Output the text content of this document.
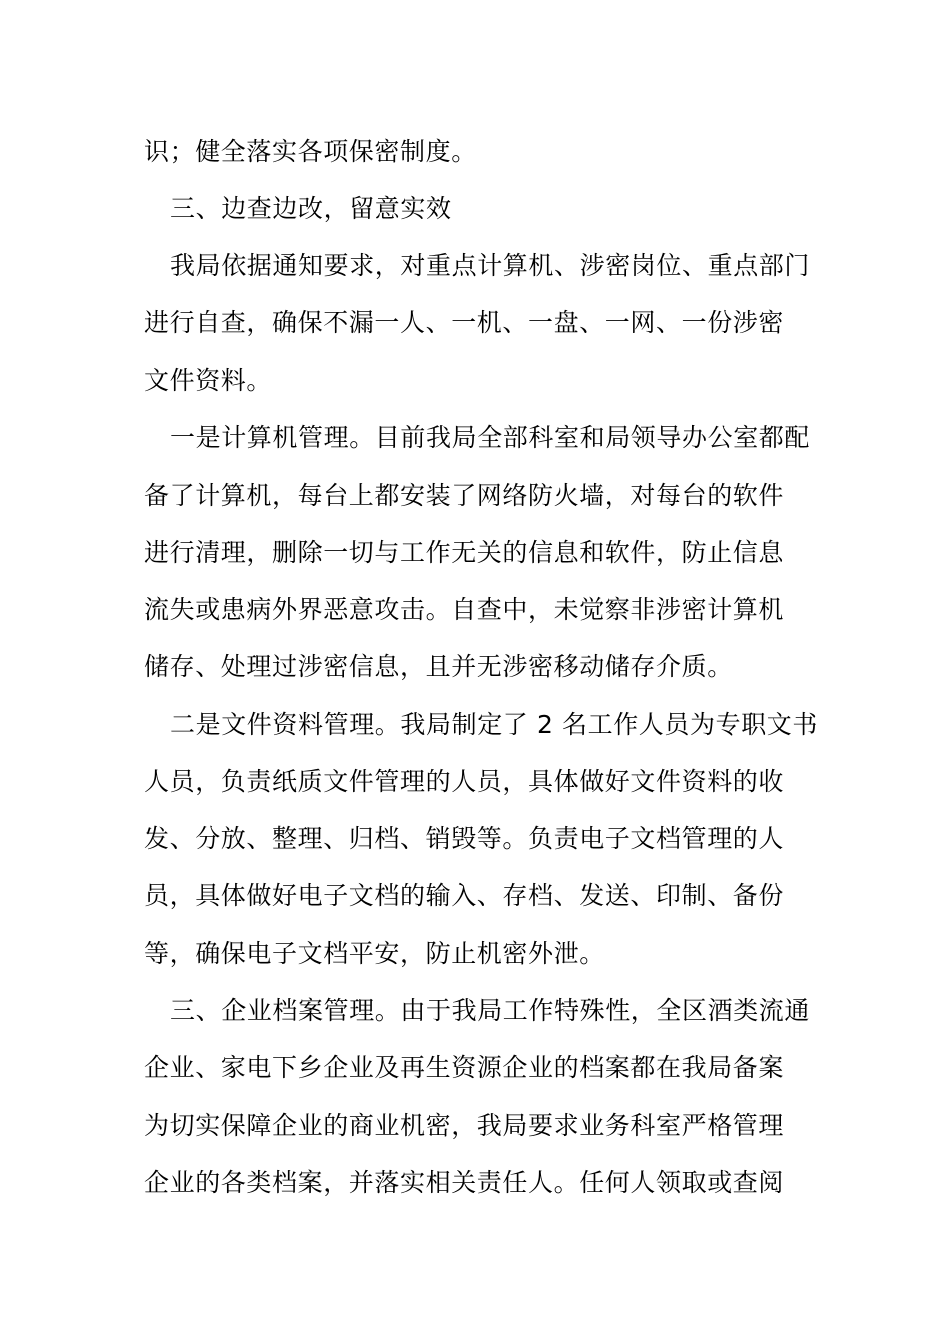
识；健全落实各项保密制度。
三、边查边改，留意实效
我局依据通知要求，对重点计算机、涉密岗位、重点部门
进行自查，确保不漏一人、一机、一盘、一网、一份涉密
文件资料。
一是计算机管理。目前我局全部科室和局领导办公室都配
备了计算机，每台上都安装了网络防火墙，对每台的软件
进行清理，删除一切与工作无关的信息和软件，防止信息
流失或患病外界恶意攻击。自查中，未觉察非涉密计算机
储存、处理过涉密信息，且并无涉密移动储存介质。
二是文件资料管理。我局制定了 2 名工作人员为专职文书
人员，负责纸质文件管理的人员，具体做好文件资料的收
发、分放、整理、归档、销毁等。负责电子文档管理的人
员，具体做好电子文档的输入、存档、发送、印制、备份
等，确保电子文档平安，防止机密外泄。
三、企业档案管理。由于我局工作特殊性，全区酒类流通
企业、家电下乡企业及再生资源企业的档案都在我局备案
为切实保障企业的商业机密，我局要求业务科室严格管理
企业的各类档案，并落实相关责任人。任何人领取或查阅
